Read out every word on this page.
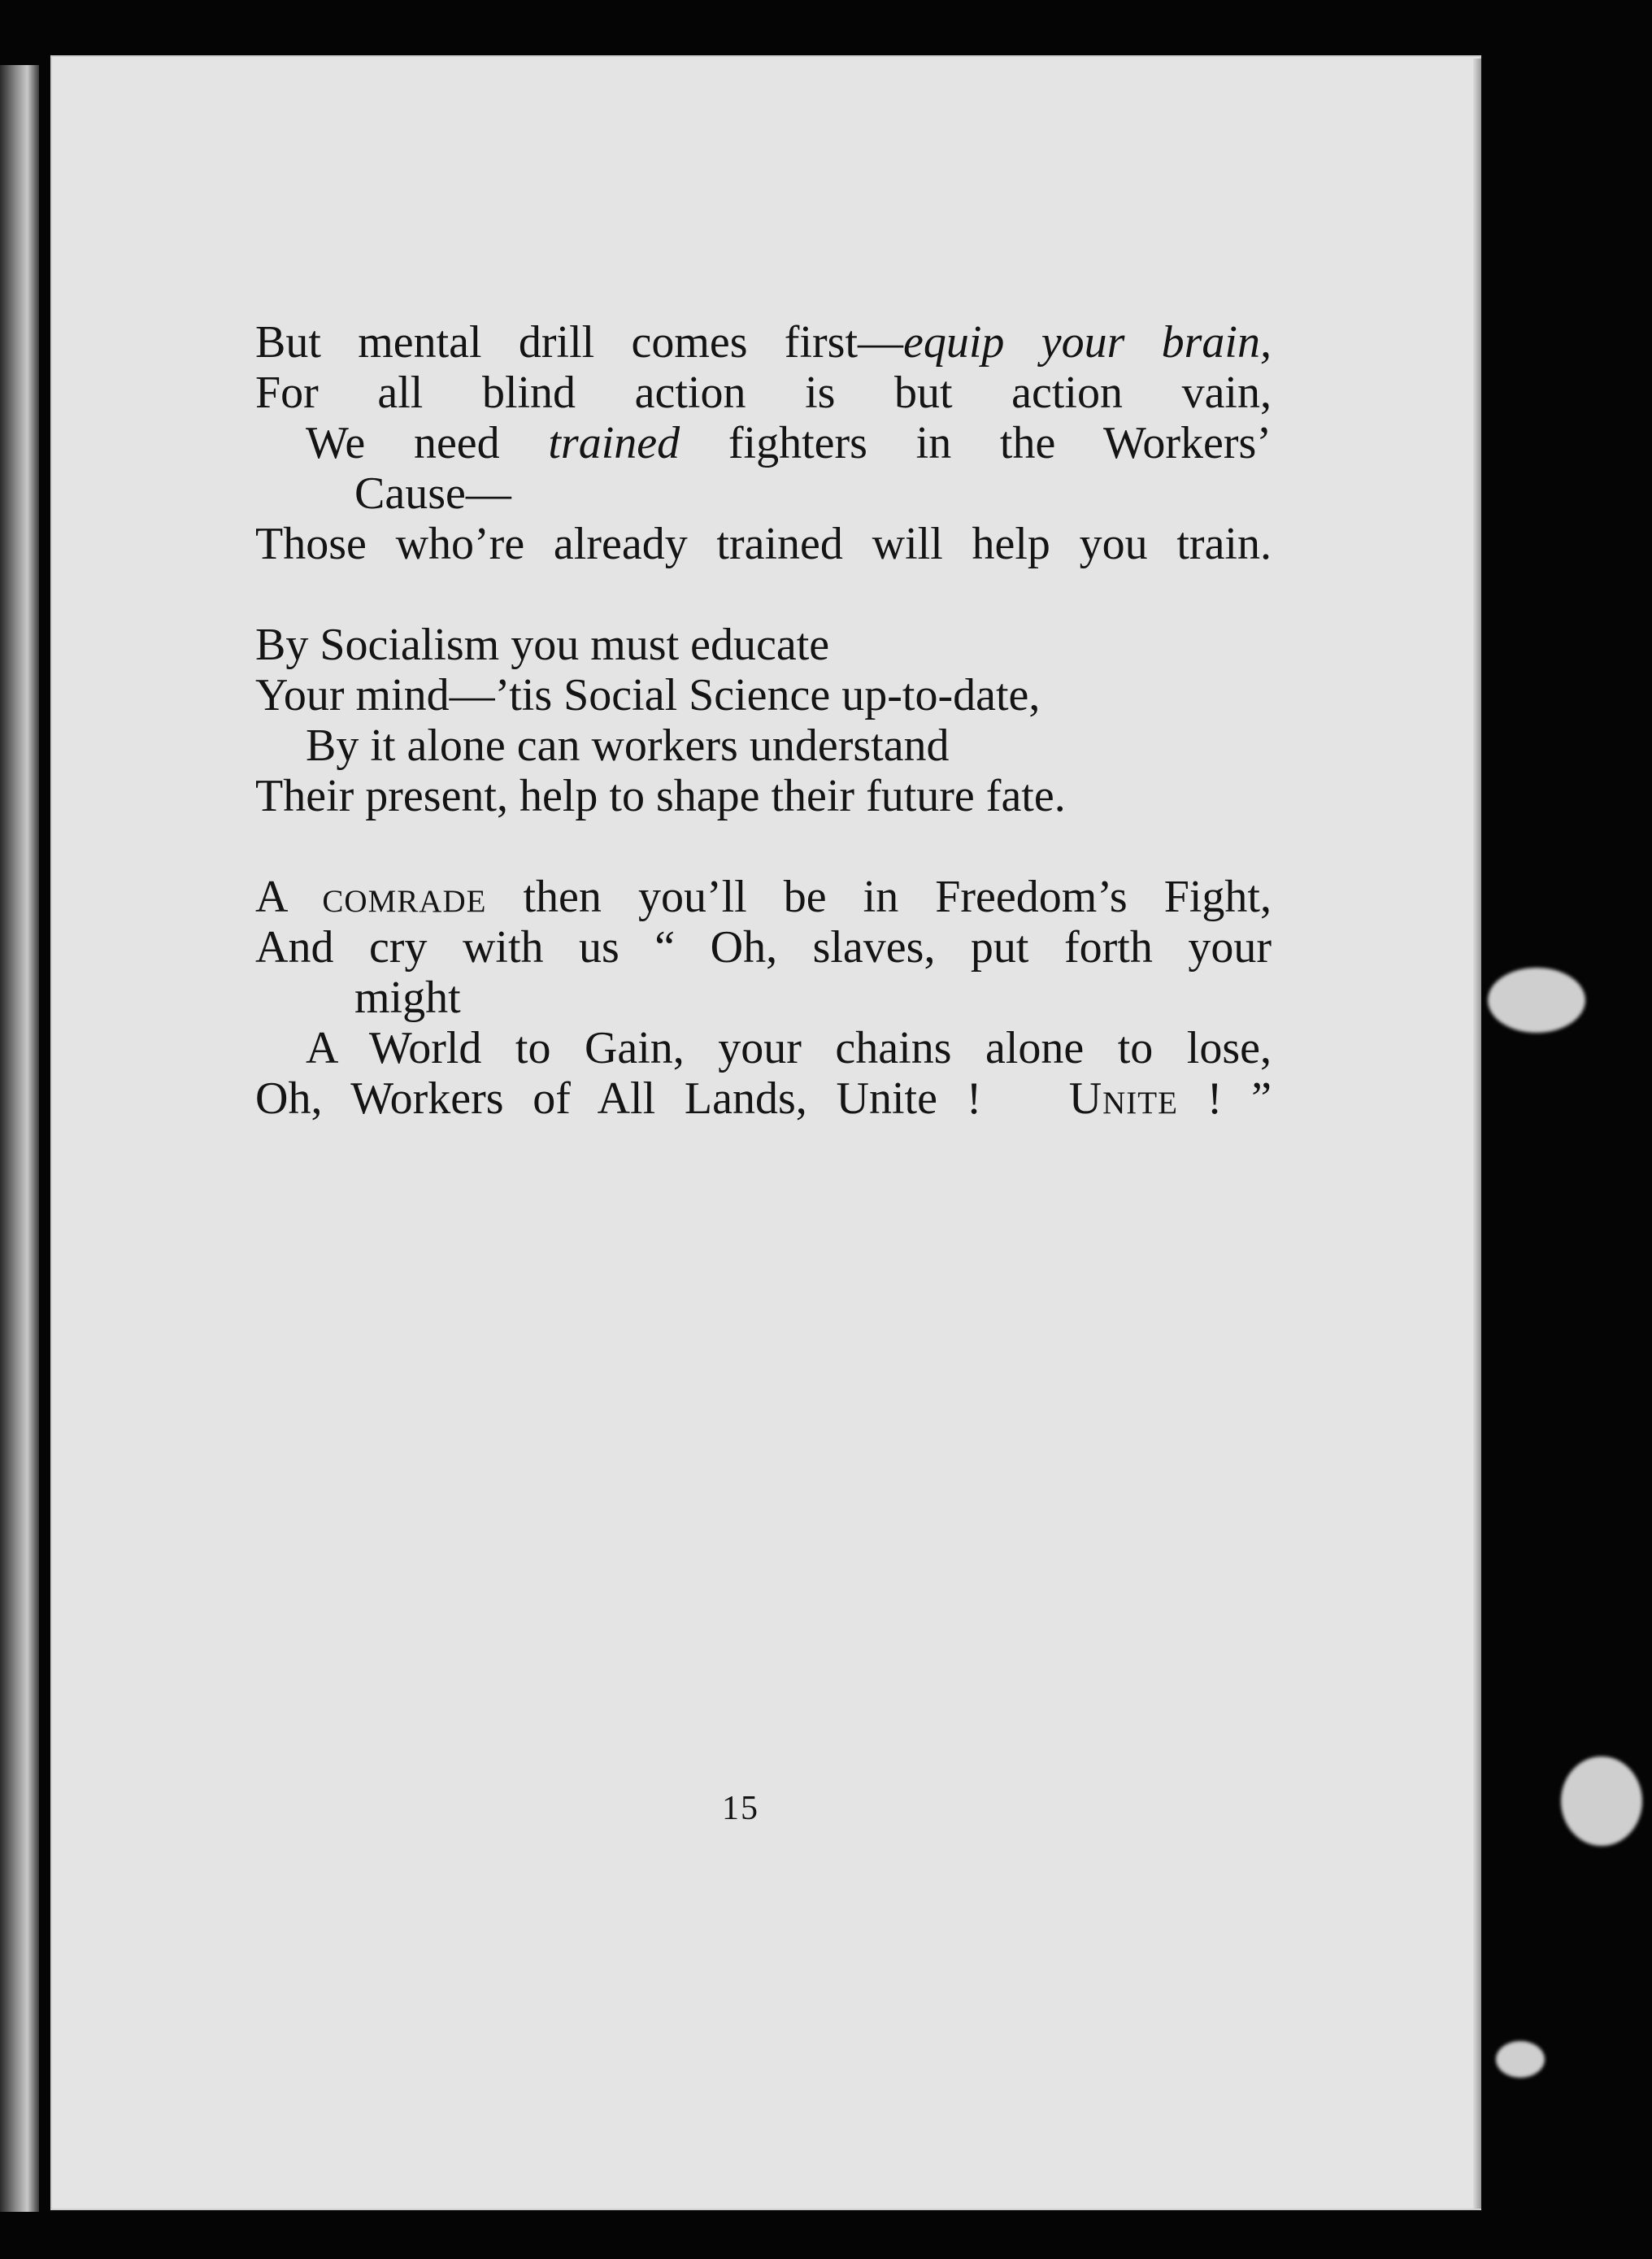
But mental drill comes first—equip your brain,
For all blind action is but action vain,
We need trained fighters in the Workers’
Cause—
Those who’re already trained will help you train.
By Socialism you must educate
Your mind—’tis Social Science up-to-date,
By it alone can workers understand
Their present, help to shape their future fate.
A comrade then you’ll be in Freedom’s Fight,
And cry with us “ Oh, slaves, put forth your
might
A World to Gain, your chains alone to lose,
Oh, Workers of All Lands, Unite !   Unite ! ”
15
